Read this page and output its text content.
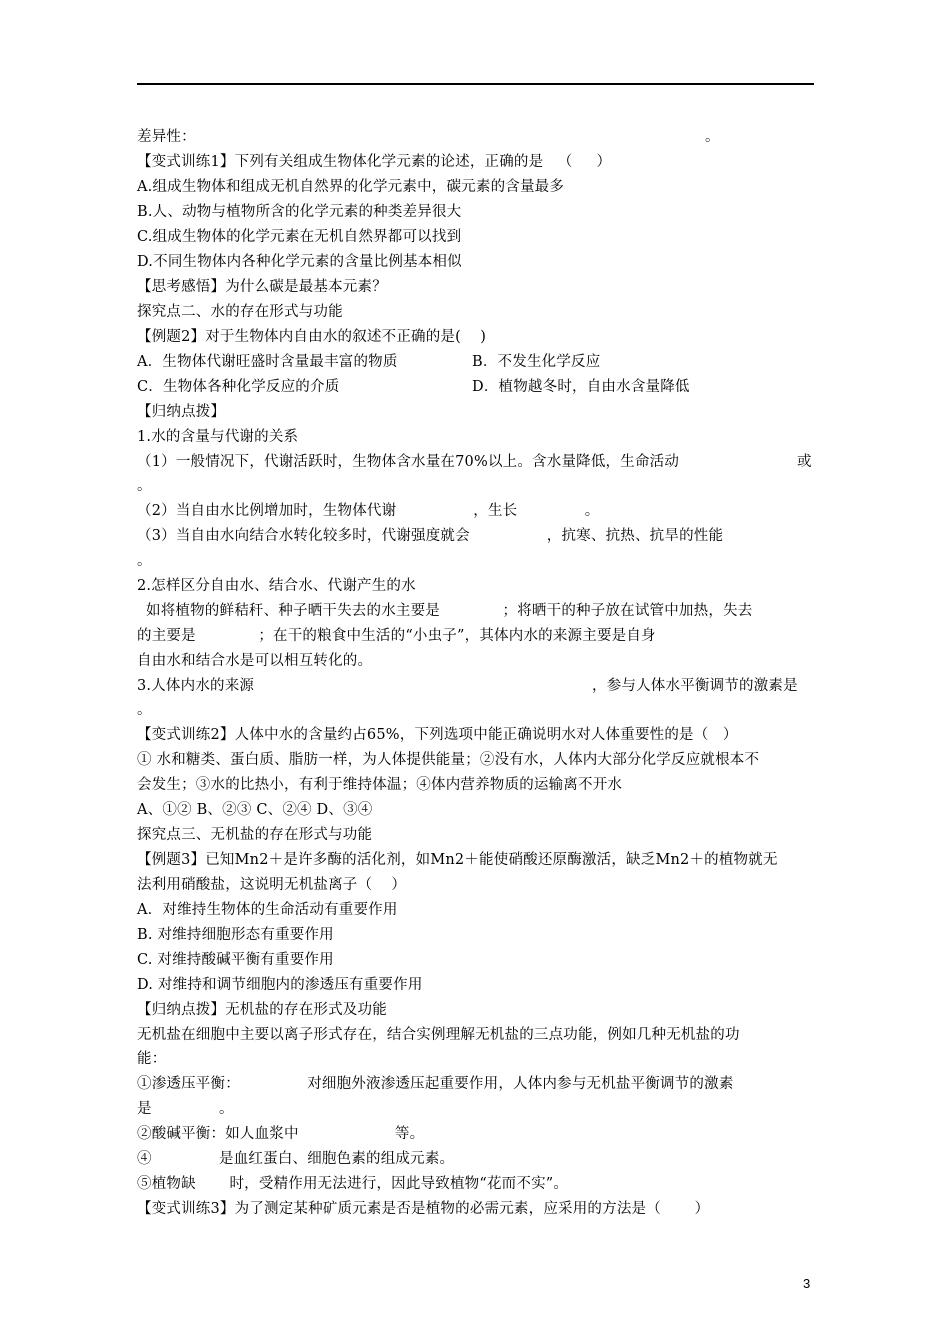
差异性：	。
【变式训练1】下列有关组成生物体化学元素的论述，正确的是   （     ）
A.组成生物体和组成无机自然界的化学元素中，碳元素的含量最多
B.人、动物与植物所含的化学元素的种类差异很大
C.组成生物体的化学元素在无机自然界都可以找到
D.不同生物体内各种化学元素的含量比例基本相似
【思考感悟】为什么碳是最基本元素？
探究点二、水的存在形式与功能
【例题2】对于生物体内自由水的叙述不正确的是(    )
A．生物体代谢旺盛时含量最丰富的物质	B．不发生化学反应
C．生物体各种化学反应的介质	D．植物越冬时，自由水含量降低
【归纳点拨】
1.水的含量与代谢的关系
（1）一般情况下，代谢活跃时，生物体含水量在70%以上。含水量降低，生命活动	或
。
（2）当自由水比例增加时，生物体代谢                ，生长              。
（3）当自由水向结合水转化较多时，代谢强度就会                ，抗寒、抗热、抗旱的性能
。
2.怎样区分自由水、结合水、代谢产生的水
如将植物的鲜秸秆、种子晒干失去的水主要是             ；将晒干的种子放在试管中加热，失去
的主要是             ；在干的粮食中生活的“小虫子”，其体内水的来源主要是自身
自由水和结合水是可以相互转化的。
3.人体内水的来源	，参与人体水平衡调节的激素是
。
【变式训练2】人体中水的含量约占65%，下列选项中能正确说明水对人体重要性的是（   ）
① 水和糖类、蛋白质、脂肪一样，为人体提供能量；②没有水，人体内大部分化学反应就根本不
会发生；③水的比热小，有利于维持体温；④体内营养物质的运输离不开水
A、①② B、②③ C、②④ D、③④
探究点三、无机盐的存在形式与功能
【例题3】已知Mn2＋是许多酶的活化剂，如Mn2＋能使硝酸还原酶激活，缺乏Mn2＋的植物就无
法利用硝酸盐，这说明无机盐离子（    ）
A．对维持生物体的生命活动有重要作用
B. 对维持细胞形态有重要作用
C. 对维持酸碱平衡有重要作用
D. 对维持和调节细胞内的渗透压有重要作用
【归纳点拨】无机盐的存在形式及功能
无机盐在细胞中主要以离子形式存在，结合实例理解无机盐的三点功能，例如几种无机盐的功
能：
①渗透压平衡：              对细胞外液渗透压起重要作用，人体内参与无机盐平衡调节的激素
是              。
②酸碱平衡：如人血浆中                    等。
④              是血红蛋白、细胞色素的组成元素。
⑤植物缺       时，受精作用无法进行，因此导致植物“花而不实”。
【变式训练3】为了测定某种矿质元素是否是植物的必需元素，应采用的方法是（       ）
3
